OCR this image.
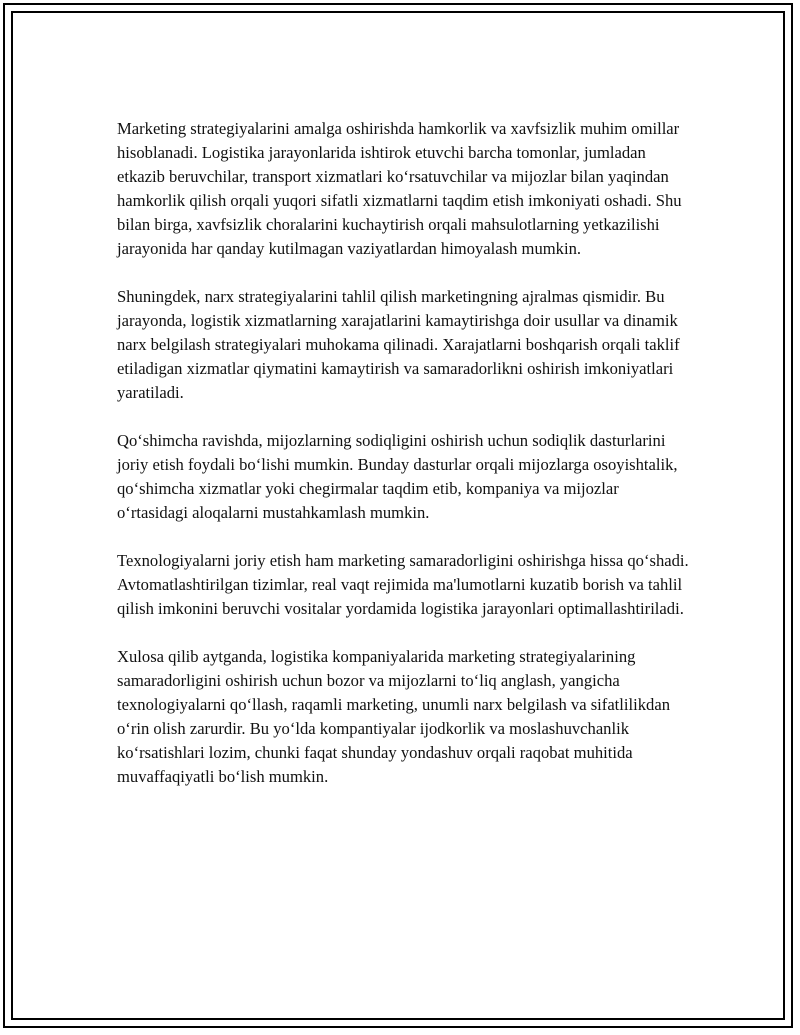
Marketing strategiyalarini amalga oshirishda hamkorlik va xavfsizlik muhim omillar hisoblanadi. Logistika jarayonlarida ishtirok etuvchi barcha tomonlar, jumladan etkazib beruvchilar, transport xizmatlari ko‘rsatuvchilar va mijozlar bilan yaqindan hamkorlik qilish orqali yuqori sifatli xizmatlarni taqdim etish imkoniyati oshadi. Shu bilan birga, xavfsizlik choralarini kuchaytirish orqali mahsulotlarning yetkazilishi jarayonida har qanday kutilmagan vaziyatlardan himoyalash mumkin.

Shuningdek, narx strategiyalarini tahlil qilish marketingning ajralmas qismidir. Bu jarayonda, logistik xizmatlarning xarajatlarini kamaytirishga doir usullar va dinamik narx belgilash strategiyalari muhokama qilinadi. Xarajatlarni boshqarish orqali taklif etiladigan xizmatlar qiymatini kamaytirish va samaradorlikni oshirish imkoniyatlari yaratiladi.

Qo‘shimcha ravishda, mijozlarning sodiqligini oshirish uchun sodiqlik dasturlarini joriy etish foydali bo‘lishi mumkin. Bunday dasturlar orqali mijozlarga osoyishtalik, qo‘shimcha xizmatlar yoki chegirmalar taqdim etib, kompaniya va mijozlar o‘rtasidagi aloqalarni mustahkamlash mumkin.

Texnologiyalarni joriy etish ham marketing samaradorligini oshirishga hissa qo‘shadi. Avtomatlashtirilgan tizimlar, real vaqt rejimida ma'lumotlarni kuzatib borish va tahlil qilish imkonini beruvchi vositalar yordamida logistika jarayonlari optimallashtiriladi.

Xulosa qilib aytganda, logistika kompaniyalarida marketing strategiyalarining samaradorligini oshirish uchun bozor va mijozlarni to‘liq anglash, yangicha texnologiyalarni qo‘llash, raqamli marketing, unumli narx belgilash va sifatlilikdan o‘rin olish zarurdir. Bu yo‘lda kompantiyalar ijodkorlik va moslashuvchanlik ko‘rsatishlari lozim, chunki faqat shunday yondashuv orqali raqobat muhitida muvaffaqiyatli bo‘lish mumkin.
